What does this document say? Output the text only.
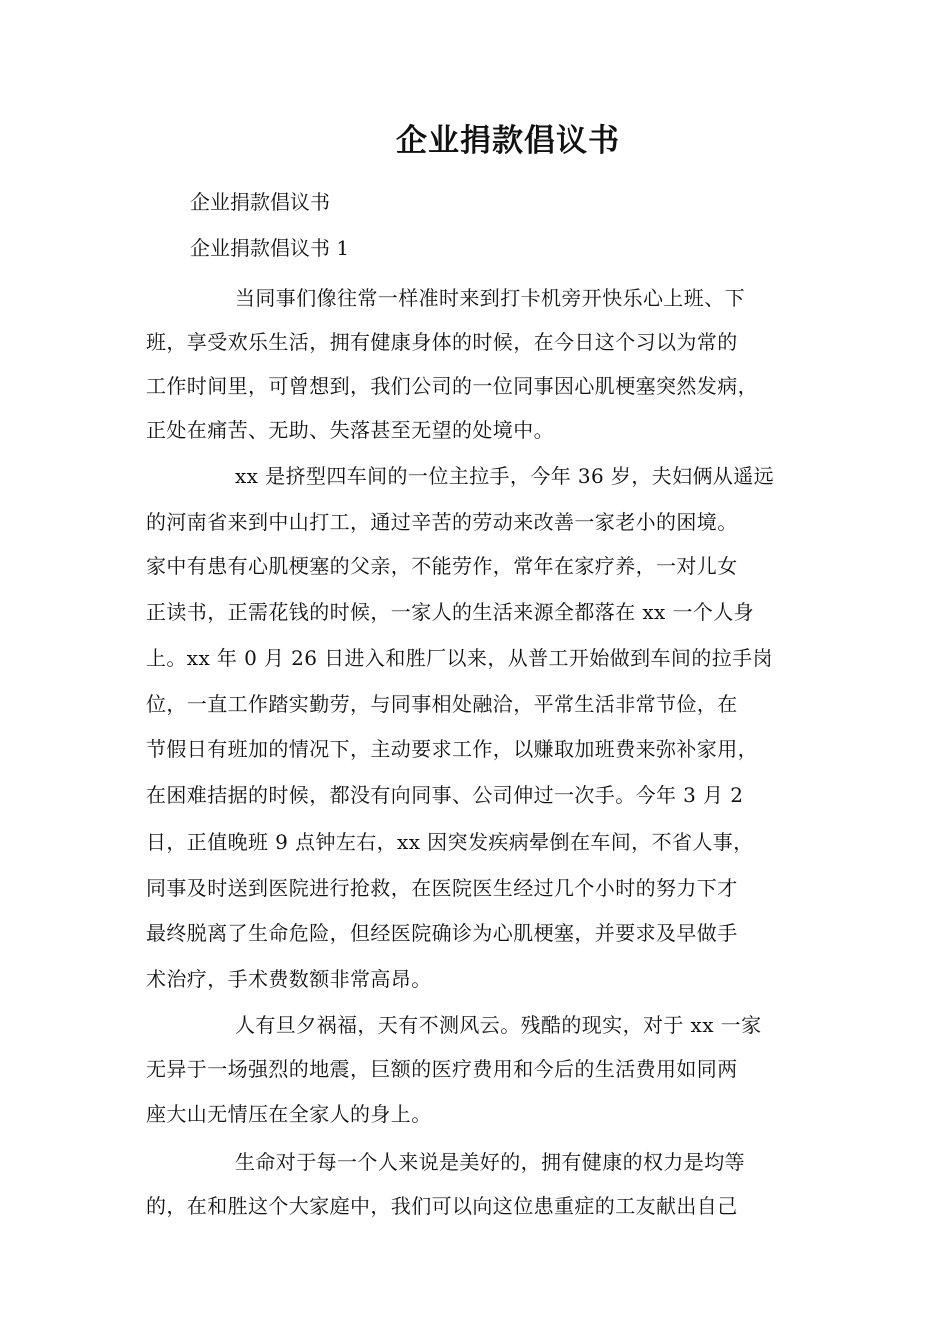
企业捐款倡议书

企业捐款倡议书

企业捐款倡议书 1

当同事们像往常一样准时来到打卡机旁开快乐心上班、下

班，享受欢乐生活，拥有健康身体的时候，在今日这个习以为常的

工作时间里，可曾想到，我们公司的一位同事因心肌梗塞突然发病，

正处在痛苦、无助、失落甚至无望的处境中。

xx 是挤型四车间的一位主拉手，今年 36 岁，夫妇俩从遥远

的河南省来到中山打工，通过辛苦的劳动来改善一家老小的困境。

家中有患有心肌梗塞的父亲，不能劳作，常年在家疗养，一对儿女

正读书，正需花钱的时候，一家人的生活来源全都落在 xx 一个人身

上。xx 年 0 月 26 日进入和胜厂以来，从普工开始做到车间的拉手岗

位，一直工作踏实勤劳，与同事相处融洽，平常生活非常节俭，在

节假日有班加的情况下，主动要求工作，以赚取加班费来弥补家用，

在困难拮据的时候，都没有向同事、公司伸过一次手。今年 3 月 2

日，正值晚班 9 点钟左右，xx 因突发疾病晕倒在车间，不省人事，

同事及时送到医院进行抢救，在医院医生经过几个小时的努力下才

最终脱离了生命危险，但经医院确诊为心肌梗塞，并要求及早做手

术治疗，手术费数额非常高昂。

人有旦夕祸福，天有不测风云。残酷的现实，对于 xx 一家

无异于一场强烈的地震，巨额的医疗费用和今后的生活费用如同两

座大山无情压在全家人的身上。

生命对于每一个人来说是美好的，拥有健康的权力是均等

的，在和胜这个大家庭中，我们可以向这位患重症的工友献出自己
